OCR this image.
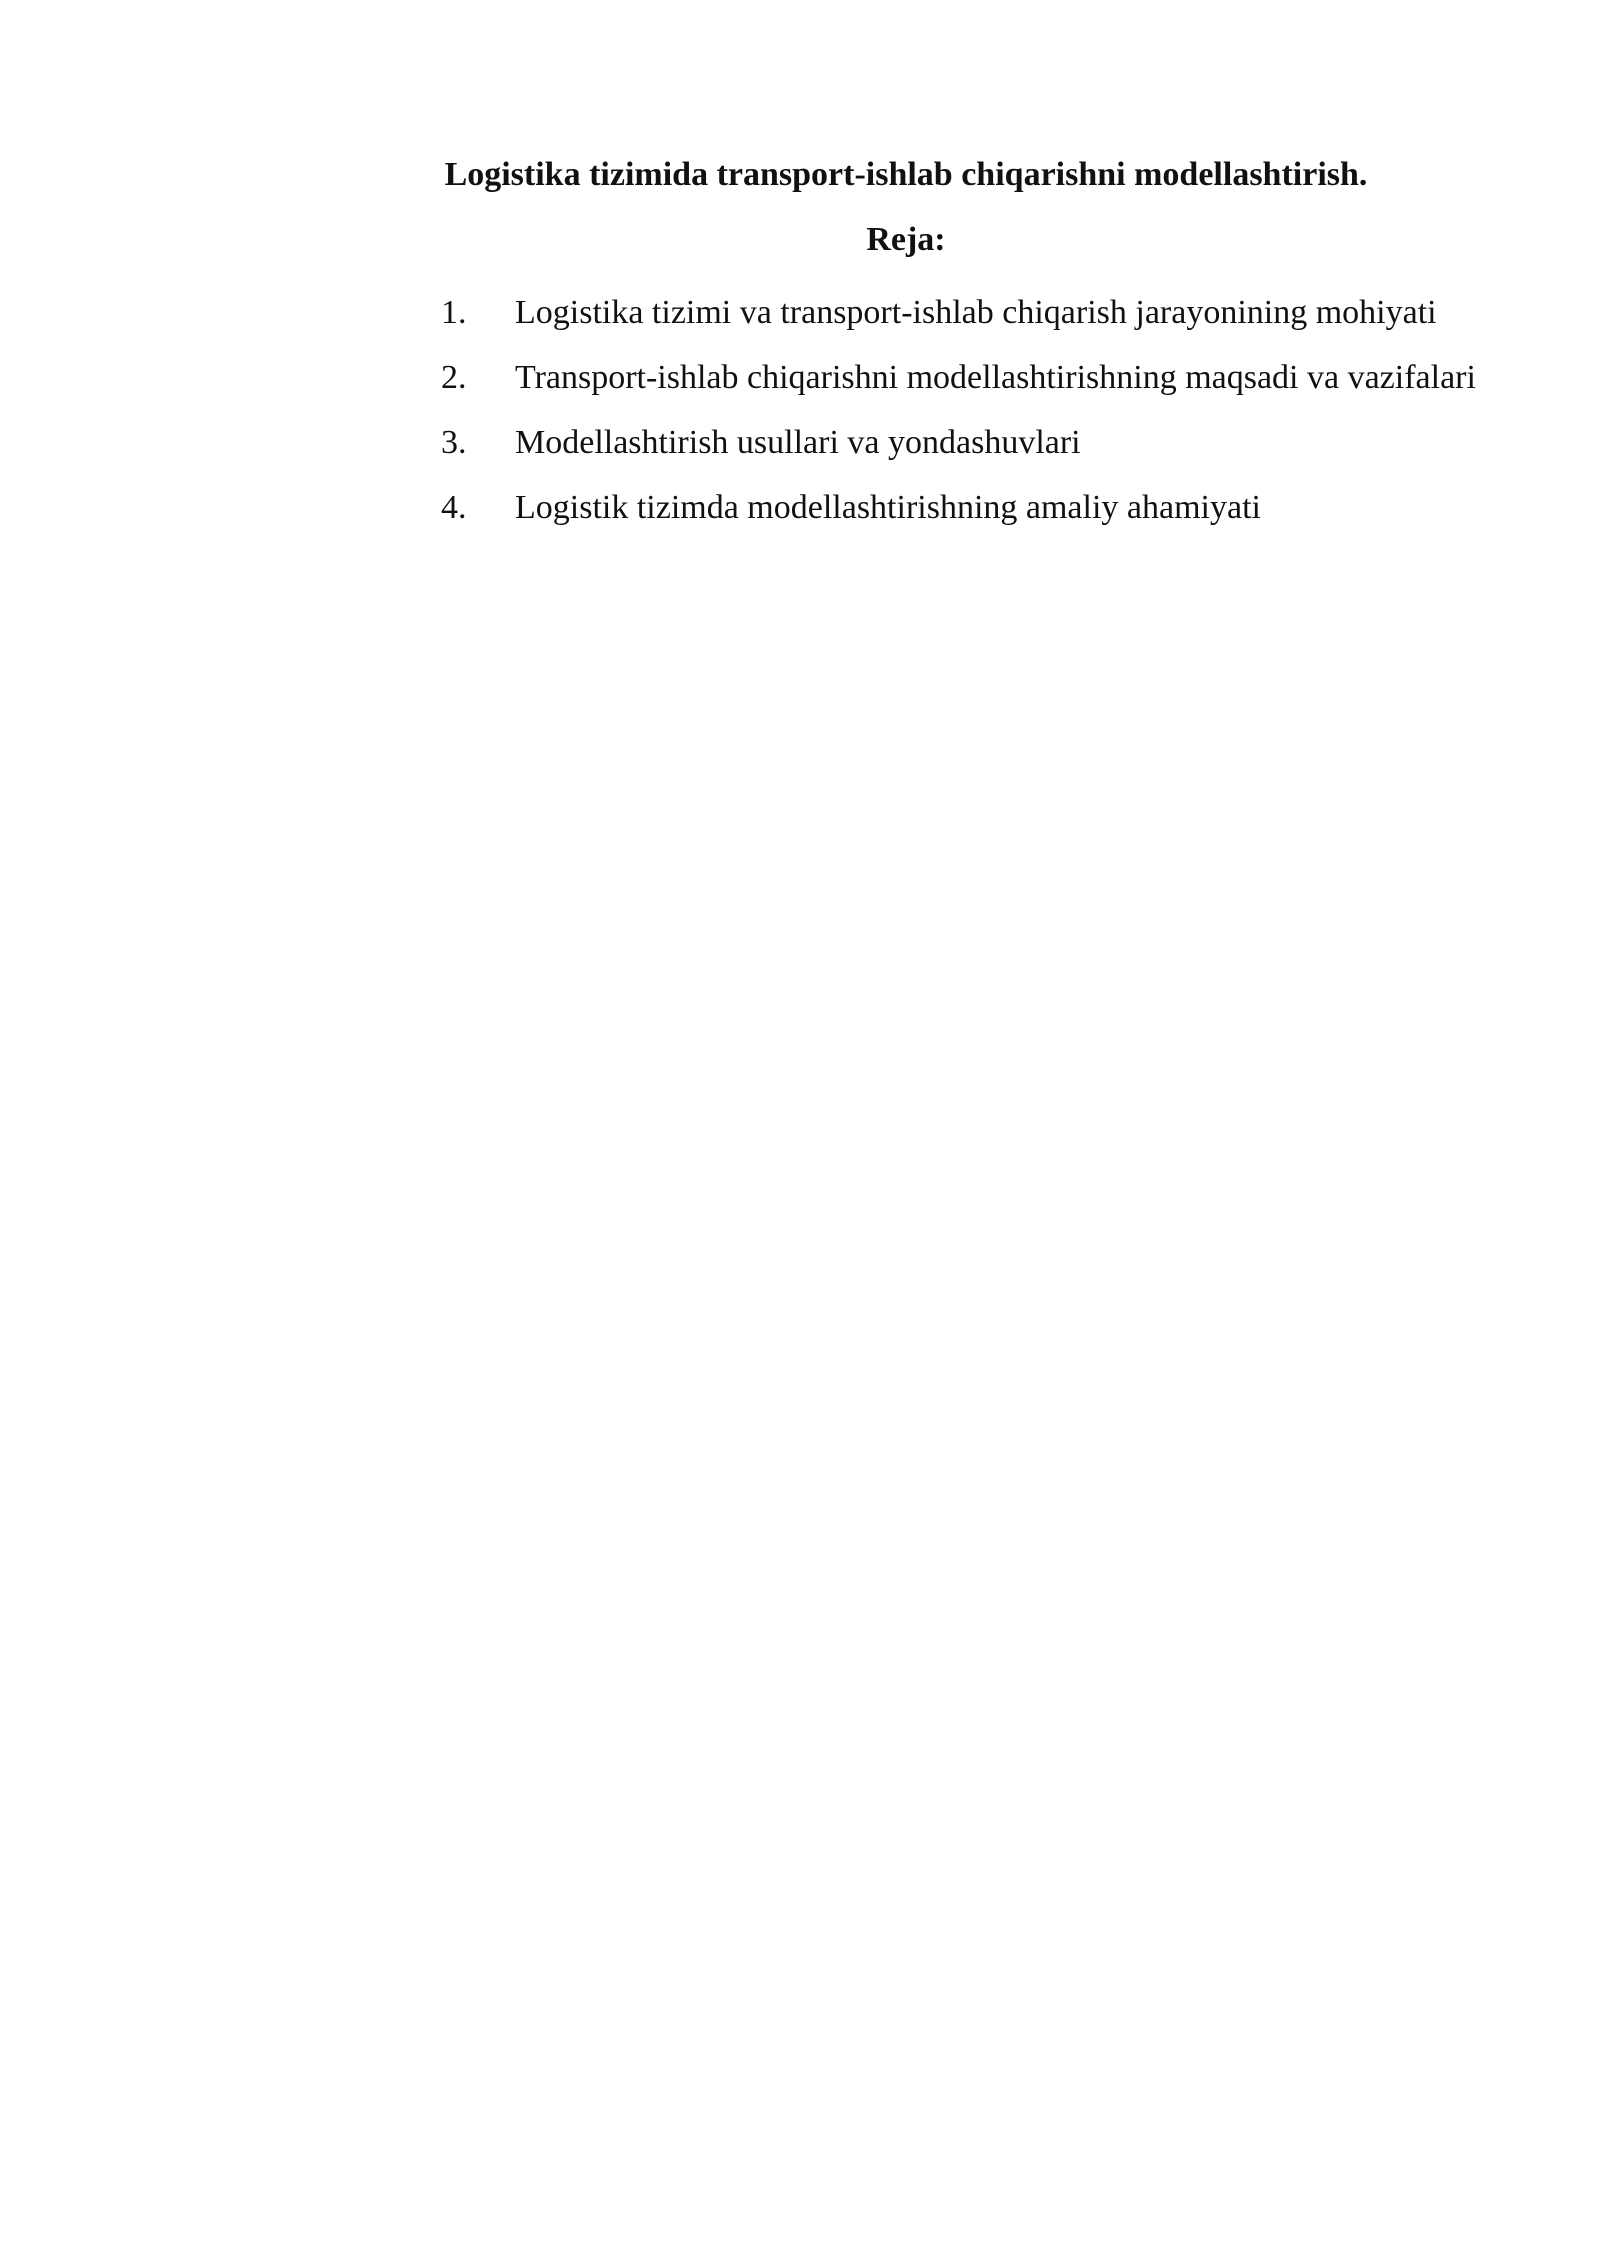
Logistika tizimida transport-ishlab chiqarishni modellashtirish.

Reja:

1. Logistika tizimi va transport-ishlab chiqarish jarayonining mohiyati
2. Transport-ishlab chiqarishni modellashtirishning maqsadi va vazifalari
3. Modellashtirish usullari va yondashuvlari
4. Logistik tizimda modellashtirishning amaliy ahamiyati
